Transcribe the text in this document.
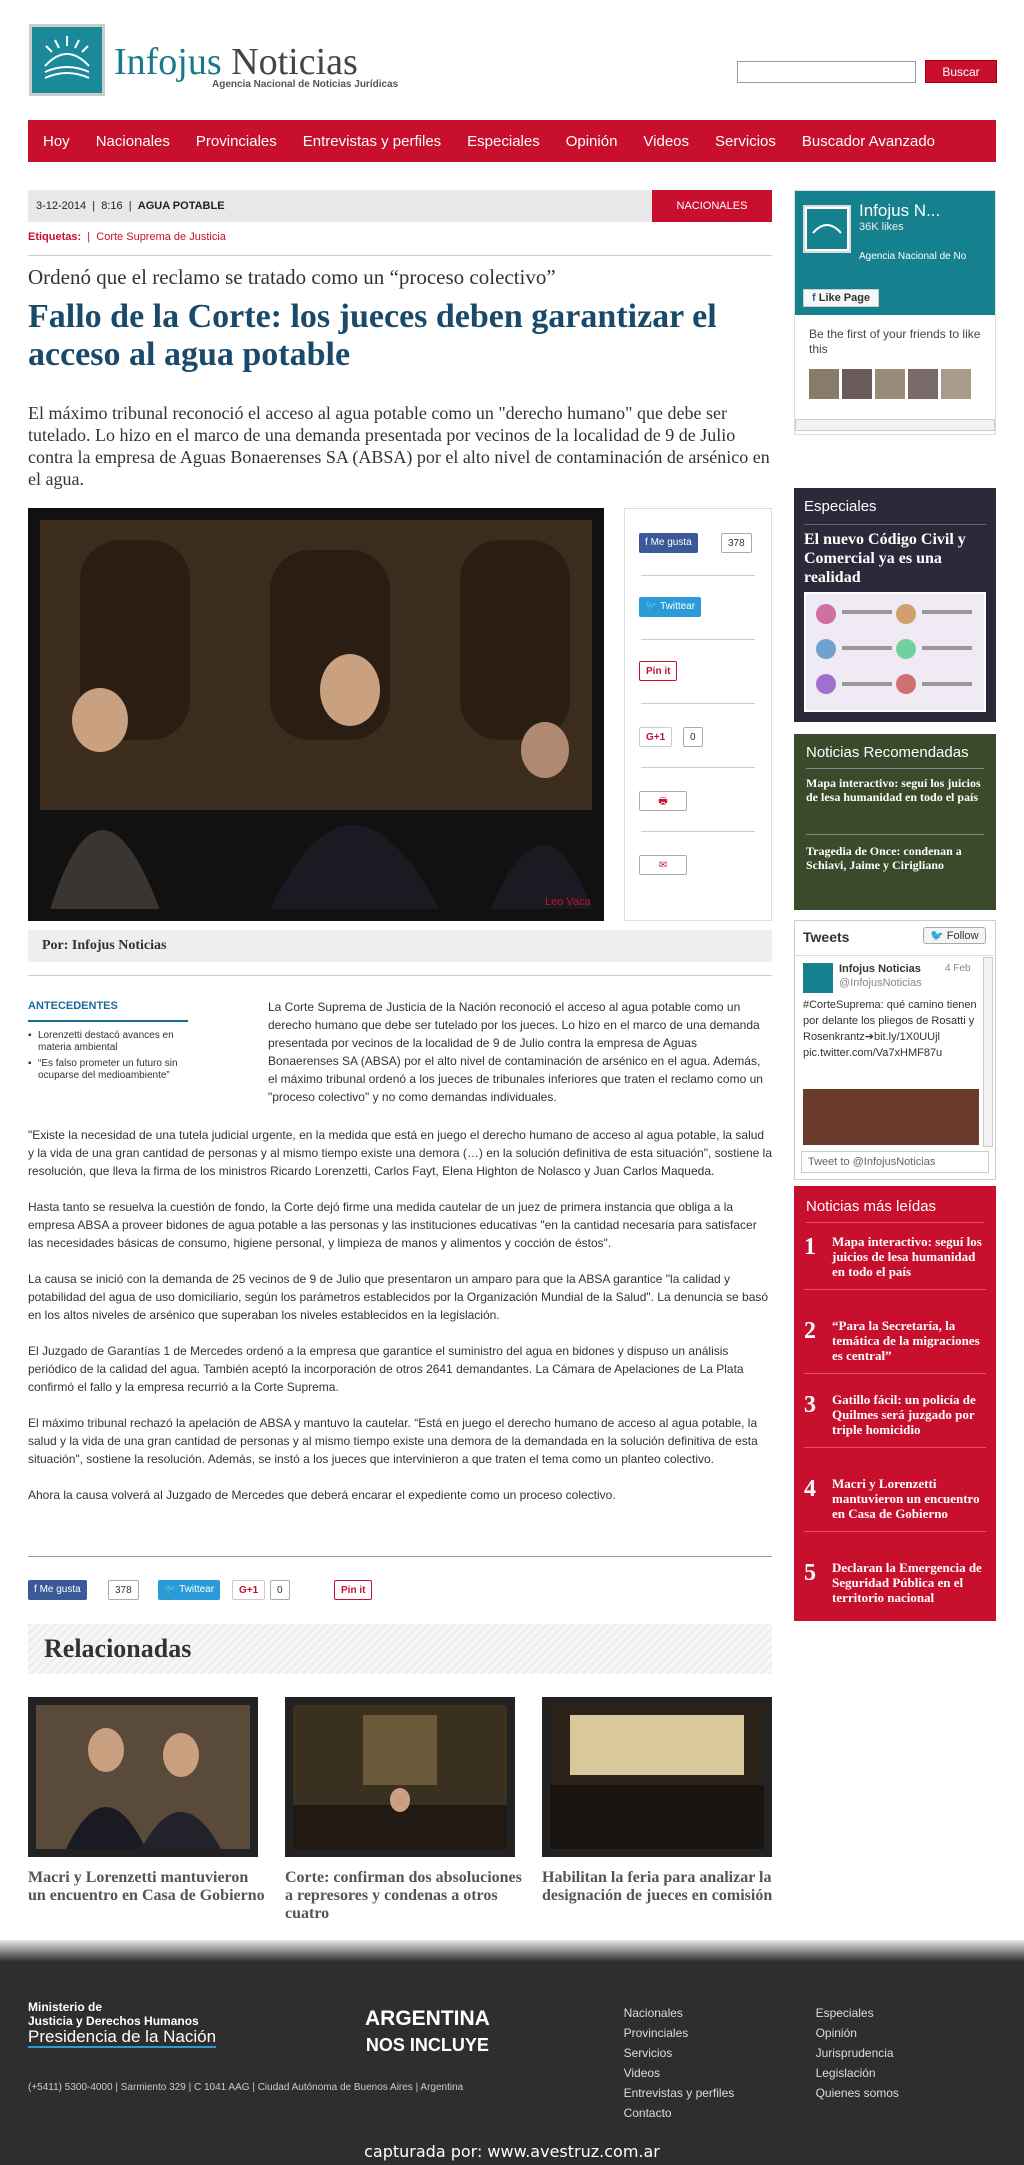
Infojus Noticias
Agencia Nacional de Noticias Jurídicas
Buscar
Hoy Nacionales Provinciales Entrevistas y perfiles Especiales Opinión Videos Servicios Buscador Avanzado
3-12-2014  |  8:16  |  AGUA POTABLE	NACIONALES
Etiquetas:  |  Corte Suprema de Justicia
Ordenó que el reclamo se tratado como un “proceso colectivo”
Fallo de la Corte: los jueces deben garantizar el acceso al agua potable
El máximo tribunal reconoció el acceso al agua potable como un "derecho humano" que debe ser tutelado. Lo hizo en el marco de una demanda presentada por vecinos de la localidad de 9 de Julio contra la empresa de Aguas Bonaerenses SA (ABSA) por el alto nivel de contaminación de arsénico en el agua.
Leo Vaca
f Me gusta	378
🐦 Twittear
Pin it
G+1	0
🖶
✉
Por: Infojus Noticias
ANTECEDENTES
▪ Lorenzetti destacó avances en materia ambiental
▪ “Es falso prometer un futuro sin ocuparse del medioambiente”
La Corte Suprema de Justicia de la Nación reconoció el acceso al agua potable como un derecho humano que debe ser tutelado por los jueces. Lo hizo en el marco de una demanda presentada por vecinos de la localidad de 9 de Julio contra la empresa de Aguas Bonaerenses SA (ABSA) por el alto nivel de contaminación de arsénico en el agua. Además, el máximo tribunal ordenó a los jueces de tribunales inferiores que traten el reclamo como un "proceso colectivo" y no como demandas individuales.

"Existe la necesidad de una tutela judicial urgente, en la medida que está en juego el derecho humano de acceso al agua potable, la salud y la vida de una gran cantidad de personas y al mismo tiempo existe una demora (…) en la solución definitiva de esta situación", sostiene la resolución, que lleva la firma de los ministros Ricardo Lorenzetti, Carlos Fayt, Elena Highton de Nolasco y Juan Carlos Maqueda.

Hasta tanto se resuelva la cuestión de fondo, la Corte dejó firme una medida cautelar de un juez de primera instancia que obliga a la empresa ABSA a proveer bidones de agua potable a las personas y las instituciones educativas "en la cantidad necesaria para satisfacer las necesidades básicas de consumo, higiene personal, y limpieza de manos y alimentos y cocción de éstos".

La causa se inició con la demanda de 25 vecinos de 9 de Julio que presentaron un amparo para que la ABSA garantice "la calidad y potabilidad del agua de uso domiciliario, según los parámetros establecidos por la Organización Mundial de la Salud". La denuncia se basó en los altos niveles de arsénico que superaban los niveles establecidos en la legislación.

El Juzgado de Garantías 1 de Mercedes ordenó a la empresa que garantice el suministro del agua en bidones y dispuso un análisis periódico de la calidad del agua. También aceptó la incorporación de otros 2641 demandantes. La Cámara de Apelaciones de La Plata confirmó el fallo y la empresa recurrió a la Corte Suprema.

El máximo tribunal rechazó la apelación de ABSA y mantuvo la cautelar. “Está en juego el derecho humano de acceso al agua potable, la salud y la vida de una gran cantidad de personas y al mismo tiempo existe una demora de la demandada en la solución definitiva de esta situación", sostiene la resolución. Además, se instó a los jueces que intervinieron a que traten el tema como un planteo colectivo.

Ahora la causa volverá al Juzgado de Mercedes que deberá encarar el expediente como un proceso colectivo.

f Me gusta	378	🐦 Twittear	G+1	0	Pin it
Relacionadas
Macri y Lorenzetti mantuvieron un encuentro en Casa de Gobierno
Corte: confirman dos absoluciones a represores y condenas a otros cuatro
Habilitan la feria para analizar la designación de jueces en comisión
Infojus N...
36K likes
Agencia Nacional de No
f Like Page
Be the first of your friends to like this
Especiales
El nuevo Código Civil y Comercial ya es una realidad
Noticias Recomendadas
Mapa interactivo: seguí los juicios de lesa humanidad en todo el país
Tragedia de Once: condenan a Schiavi, Jaime y Cirigliano
Tweets	🐦 Follow
Infojus Noticias 4 Feb
@InfojusNoticias
#CorteSuprema: qué camino tienen por delante los pliegos de Rosatti y Rosenkrantz➔bit.ly/1X0UUjl pic.twitter.com/Va7xHMF87u
Tweet to @InfojusNoticias
Noticias más leídas
1 Mapa interactivo: seguí los juicios de lesa humanidad en todo el país
2 “Para la Secretaría, la temática de la migraciones es central”
3 Gatillo fácil: un policía de Quilmes será juzgado por triple homicidio
4 Macri y Lorenzetti mantuvieron un encuentro en Casa de Gobierno
5 Declaran la Emergencia de Seguridad Pública en el territorio nacional
Ministerio de
Justicia y Derechos Humanos
Presidencia de la Nación
ARGENTINA
NOS INCLUYE
(+5411) 5300-4000 | Sarmiento 329 | C 1041 AAG | Ciudad Autónoma de Buenos Aires | Argentina
:: Nacionales
:: Provinciales
:: Servicios
:: Videos
:: Entrevistas y perfiles
:: Contacto
:: Especiales
:: Opinión
:: Jurisprudencia
:: Legislación
:: Quienes somos
capturada por: www.avestruz.com.ar
